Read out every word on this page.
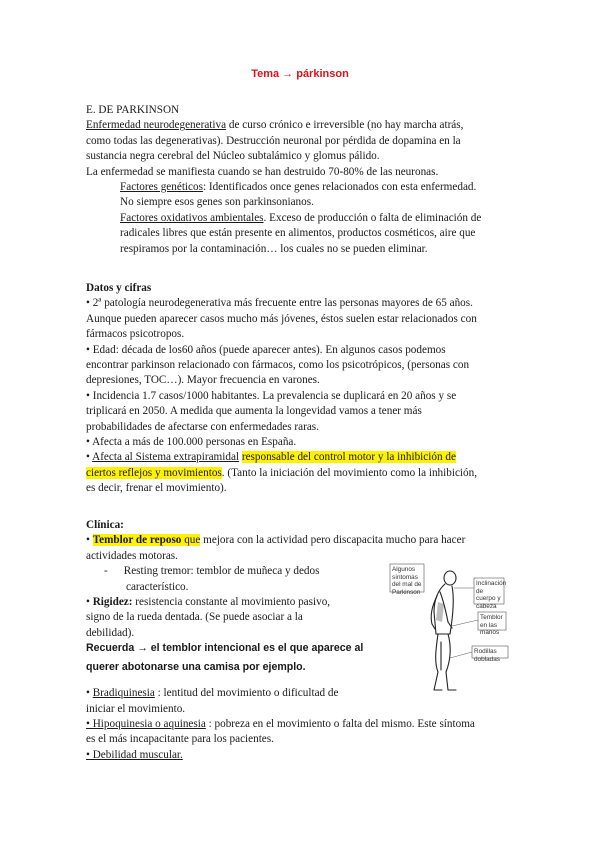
Tema → párkinson
E. DE PARKINSON
Enfermedad neurodegenerativa de curso crónico e irreversible (no hay marcha atrás,
como todas las degenerativas). Destrucción neuronal por pérdida de dopamina en la
sustancia negra cerebral del Núcleo subtalámico y glomus pálido.
La enfermedad se manifiesta cuando se han destruido 70-80% de las neuronas.
Factores genéticos: Identificados once genes relacionados con esta enfermedad.
No siempre esos genes son parkinsonianos.
Factores oxidativos ambientales. Exceso de producción o falta de eliminación de
radicales libres que están presente en alimentos, productos cosméticos, aire que
respiramos por la contaminación… los cuales no se pueden eliminar.
Datos y cifras
• 2ª patología neurodegenerativa más frecuente entre las personas mayores de 65 años.
Aunque pueden aparecer casos mucho más jóvenes, éstos suelen estar relacionados con
fármacos psicotropos.
• Edad: década de los60 años (puede aparecer antes). En algunos casos podemos
encontrar parkinson relacionado con fármacos, como los psicotrópicos, (personas con
depresiones, TOC…). Mayor frecuencia en varones.
• Incidencia 1.7 casos/1000 habitantes. La prevalencia se duplicará en 20 años y se
triplicará en 2050. A medida que aumenta la longevidad vamos a tener más
probabilidades de afectarse con enfermedades raras.
• Afecta a más de 100.000 personas en España.
• Afecta al Sistema extrapiramidal responsable del control motor y la inhibición de
ciertos reflejos y movimientos. (Tanto la iniciación del movimiento como la inhibición,
es decir, frenar el movimiento).
Clínica:
• Temblor de reposo que mejora con la actividad pero discapacita mucho para hacer
actividades motoras.
- Resting tremor: temblor de muñeca y dedos
característico.
• Rigidez: resistencia constante al movimiento pasivo,
signo de la rueda dentada. (Se puede asociar a la
debilidad).
Recuerda → el temblor intencional es el que aparece al
querer abotonarse una camisa por ejemplo.
• Bradiquinesia : lentitud del movimiento o dificultad de
iniciar el movimiento.
• Hipoquinesia o aquinesia : pobreza en el movimiento o falta del mismo. Este síntoma
es el más incapacitante para los pacientes.
• Debilidad muscular.
Algunos síntomas del mal de Parkinson
Inclinación de cuerpo y cabeza
Temblor en las manos
Rodillas dobladas
